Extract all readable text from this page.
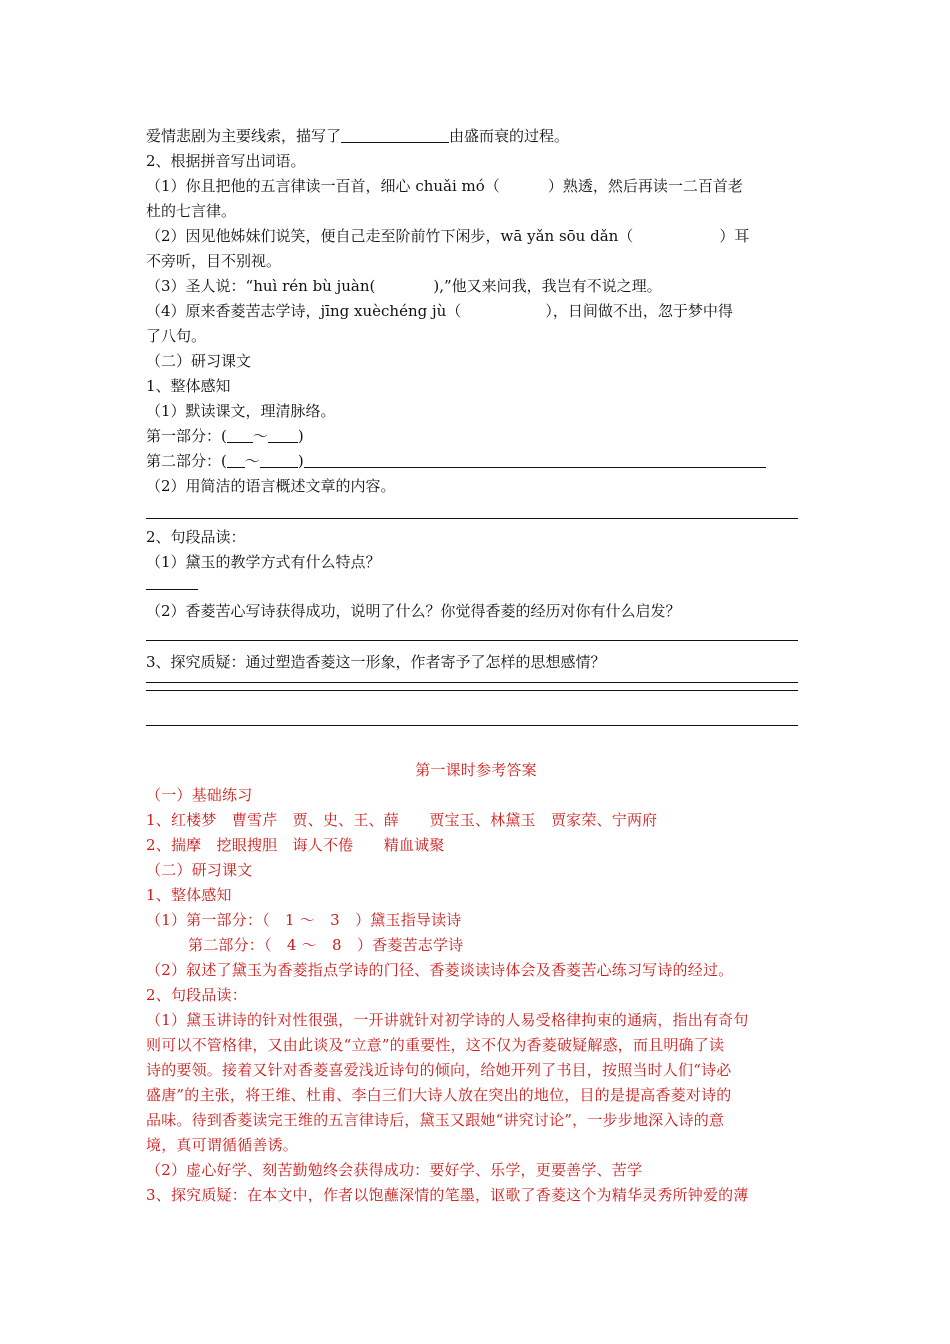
爱情悲剧为主要线索，描写了	由盛而衰的过程。
2、根据拼音写出词语。
（1）你且把他的五言律读一百首，细心 chuǎi mó（	）熟透，然后再读一二百首老
杜的七言律。
（2）因见他姊妹们说笑，便自己走至阶前竹下闲步，wā yǎn sōu dǎn（	）耳
不旁听，目不别视。
（3）圣人说：“huì rén bù juàn(	),”他又来问我，我岂有不说之理。
（4）原来香菱苦志学诗，jīng xuèchéng jù（	），日间做不出，忽于梦中得
了八句。
（二）研习课文
1、整体感知
（1）默读课文，理清脉络。
第一部分：( ～ )
第二部分：( ～	)
（2）用简洁的语言概述文章的内容。
2、句段品读：
（1）黛玉的教学方式有什么特点？
（2）香菱苦心写诗获得成功，说明了什么？你觉得香菱的经历对你有什么启发？
3、探究质疑：通过塑造香菱这一形象，作者寄予了怎样的思想感情？
第一课时参考答案
（一）基础练习
1、红楼梦　曹雪芹　贾、史、王、薛　　贾宝玉、林黛玉　贾家荣、宁两府
2、揣摩　挖眼搜胆　诲人不倦　　精血诚聚
（二）研习课文
1、整体感知
（1）第一部分：（　1 ～　3　）黛玉指导读诗
第二部分：（　4 ～　8　）香菱苦志学诗
（2）叙述了黛玉为香菱指点学诗的门径、香菱谈读诗体会及香菱苦心练习写诗的经过。
2、句段品读：
（1）黛玉讲诗的针对性很强，一开讲就针对初学诗的人易受格律拘束的通病，指出有奇句
则可以不管格律，又由此谈及“立意”的重要性，这不仅为香菱破疑解惑，而且明确了读
诗的要领。接着又针对香菱喜爱浅近诗句的倾向，给她开列了书目，按照当时人们“诗必
盛唐”的主张，将王维、杜甫、李白三们大诗人放在突出的地位，目的是提高香菱对诗的
品味。待到香菱读完王维的五言律诗后，黛玉又跟她“讲究讨论”，一步步地深入诗的意
境，真可谓循循善诱。
（2）虚心好学、刻苦勤勉终会获得成功：要好学、乐学，更要善学、苦学
3、探究质疑：在本文中，作者以饱蘸深情的笔墨，讴歌了香菱这个为精华灵秀所钟爱的薄
